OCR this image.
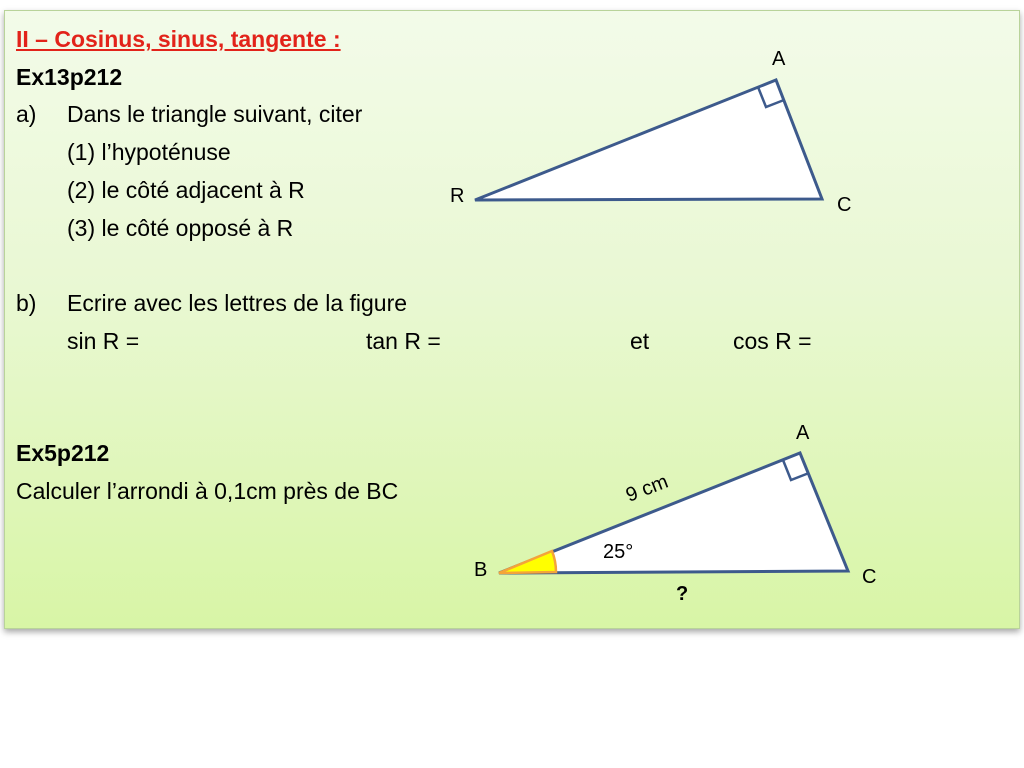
II – Cosinus, sinus, tangente :
Ex13p212
a) Dans le triangle suivant, citer
(1) l’hypoténuse
(2) le côté adjacent à R
(3) le côté opposé à R
b) Ecrire avec les lettres de la figure
sin R =	tan R =	et	cos R =
Ex5p212
Calculer l’arrondi à 0,1cm près de BC
A
R	C
A
B	C
9 cm
25°
?
